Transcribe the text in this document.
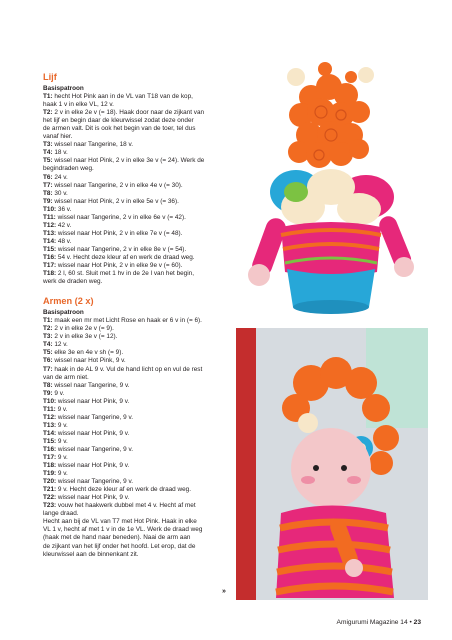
Lijf
Basispatroon

T1: hecht Hot Pink aan in de VL van T18 van de kop,

haak 1 v in elke VL, 12 v.

T2: 2 v in elke 2e v (= 18). Haak door naar de zijkant van

het lijf en begin daar de kleurwissel zodat deze onder

de armen valt. Dit is ook het begin van de toer, tel dus

vanaf hier.

T3: wissel naar Tangerine, 18 v.

T4: 18 v.

T5: wissel naar Hot Pink, 2 v in elke 3e v (= 24). Werk de

begindraden weg.

T6: 24 v.

T7: wissel naar Tangerine, 2 v in elke 4e v (= 30).

T8: 30 v.

T9: wissel naar Hot Pink, 2 v in elke 5e v (= 36).

T10: 36 v.

T11: wissel naar Tangerine, 2 v in elke 6e v (= 42).

T12: 42 v.

T13: wissel naar Hot Pink, 2 v in elke 7e v (= 48).

T14: 48 v.

T15: wissel naar Tangerine, 2 v in elke 8e v (= 54).

T16: 54 v. Hecht deze kleur af en werk de draad weg.

T17: wissel naar Hot Pink, 2 v in elke 9e v (= 60).

T18: 2 l, 60 st. Sluit met 1 hv in de 2e l van het begin,

werk de draden weg.

Armen (2 x)
Basispatroon

T1: maak een mr met Licht Rose en haak er 6 v in (= 6).

T2: 2 v in elke 2e v (= 9).

T3: 2 v in elke 3e v (= 12).

T4: 12 v.

T5: elke 3e en 4e v sh (= 9).

T6: wissel naar Hot Pink, 9 v.

T7: haak in de AL 9 v. Vul de hand licht op en vul de rest

van de arm niet.

T8: wissel naar Tangerine, 9 v.

T9: 9 v.

T10: wissel naar Hot Pink, 9 v.

T11: 9 v.

T12: wissel naar Tangerine, 9 v.

T13: 9 v.

T14: wissel naar Hot Pink, 9 v.

T15: 9 v.

T16: wissel naar Tangerine, 9 v.

T17: 9 v.

T18: wissel naar Hot Pink, 9 v.

T19: 9 v.

T20: wissel naar Tangerine, 9 v.

T21: 9 v. Hecht deze kleur af en werk de draad weg.

T22: wissel naar Hot Pink, 9 v.

T23: vouw het haakwerk dubbel met 4 v. Hecht af met

lange draad.

Hecht aan bij de VL van T7 met Hot Pink. Haak in elke

VL 1 v, hecht af met 1 v in de 1e VL. Werk de draad weg

(haak met de hand naar beneden). Naai de arm aan

de zijkant van het lijf onder het hoofd. Let erop, dat de

kleurwissel aan de binnenkant zit.

»
Amigurumi Magazine 14 • 23
